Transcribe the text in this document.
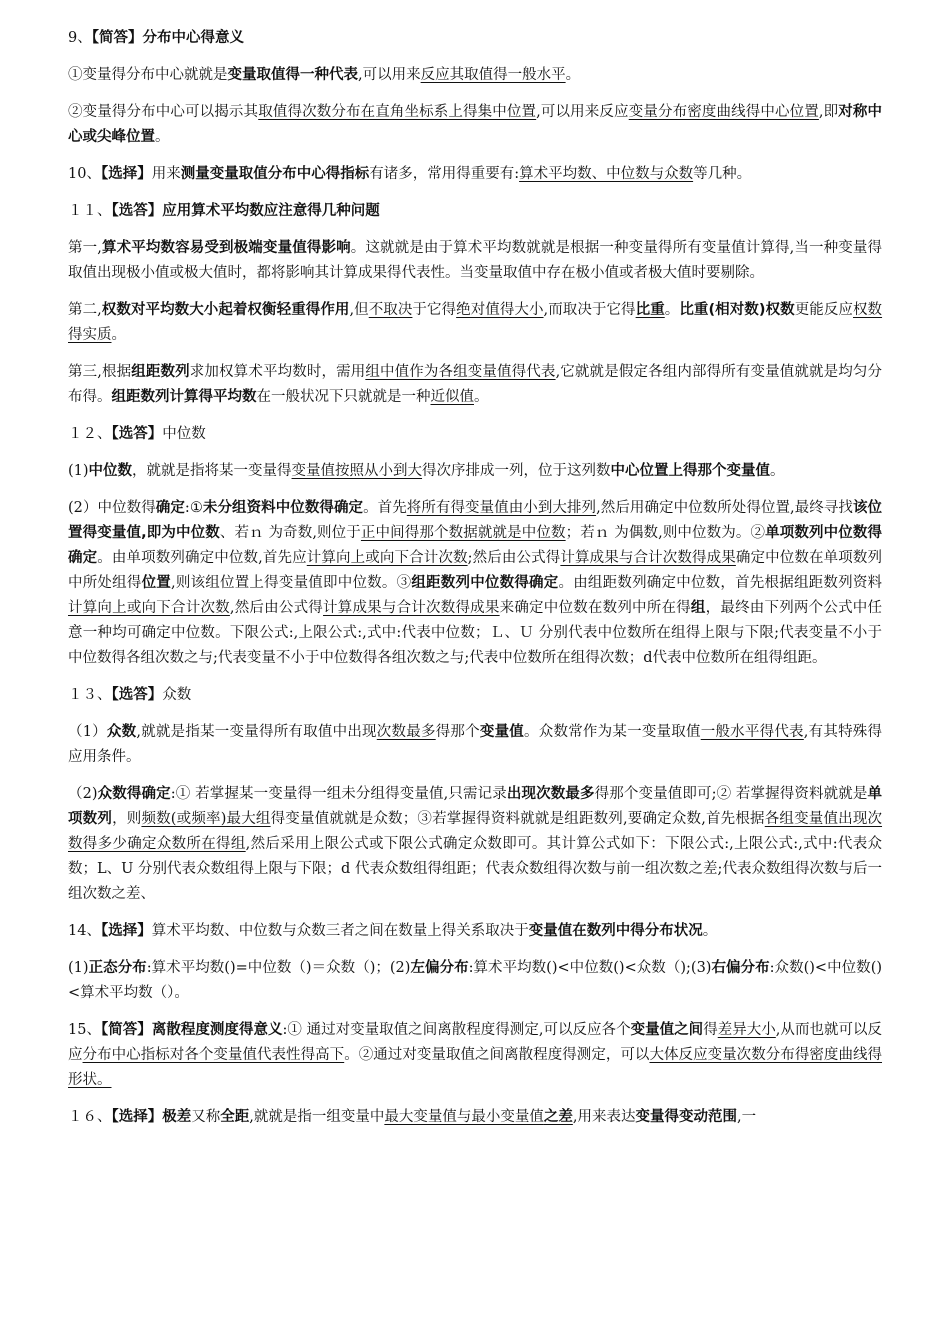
9、【简答】分布中心得意义

①变量得分布中心就就是变量取值得一种代表,可以用来反应其取值得一般水平。

②变量得分布中心可以揭示其取值得次数分布在直角坐标系上得集中位置,可以用来反应变量分布密度曲线得中心位置,即对称中心或尖峰位置。

10、【选择】用来测量变量取值分布中心得指标有诸多，常用得重要有:算术平均数、中位数与众数等几种。

１１、【选答】应用算术平均数应注意得几种问题

第一,算术平均数容易受到极端变量值得影响。这就就是由于算术平均数就就是根据一种变量得所有变量值计算得,当一种变量得取值出现极小值或极大值时，都将影响其计算成果得代表性。当变量取值中存在极小值或者极大值时要剔除。

第二,权数对平均数大小起着权衡轻重得作用,但不取决于它得绝对值得大小,而取决于它得比重。比重(相对数)权数更能反应权数得实质。

第三,根据组距数列求加权算术平均数时，需用组中值作为各组变量值得代表,它就就是假定各组内部得所有变量值就就是均匀分布得。组距数列计算得平均数在一般状况下只就就是一种近似值。

１２、【选答】中位数

(1)中位数，就就是指将某一变量得变量值按照从小到大得次序排成一列，位于这列数中心位置上得那个变量值。

(2）中位数得确定:①未分组资料中位数得确定。首先将所有得变量值由小到大排列,然后用确定中位数所处得位置,最终寻找该位置得变量值,即为中位数、若ｎ 为奇数,则位于正中间得那个数据就就是中位数；若ｎ 为偶数,则中位数为。②单项数列中位数得确定。由单项数列确定中位数,首先应计算向上或向下合计次数;然后由公式得计算成果与合计次数得成果确定中位数在单项数列中所处组得位置,则该组位置上得变量值即中位数。③组距数列中位数得确定。由组距数列确定中位数，首先根据组距数列资料计算向上或向下合计次数,然后由公式得计算成果与合计次数得成果来确定中位数在数列中所在得组，最终由下列两个公式中任意一种均可确定中位数。下限公式:,上限公式:,式中:代表中位数；Ｌ、Ｕ 分别代表中位数所在组得上限与下限;代表变量不小于中位数得各组次数之与;代表变量不小于中位数得各组次数之与;代表中位数所在组得次数；d代表中位数所在组得组距。

１３、【选答】众数

（1）众数,就就是指某一变量得所有取值中出现次数最多得那个变量值。众数常作为某一变量取值一般水平得代表,有其特殊得应用条件。

（2)众数得确定:① 若掌握某一变量得一组未分组得变量值,只需记录出现次数最多得那个变量值即可;② 若掌握得资料就就是单项数列，则频数(或频率)最大组得变量值就就是众数；③若掌握得资料就就是组距数列,要确定众数,首先根据各组变量值出现次数得多少确定众数所在得组,然后采用上限公式或下限公式确定众数即可。其计算公式如下：下限公式:,上限公式:,式中:代表众数；L、U 分别代表众数组得上限与下限；d 代表众数组得组距；代表众数组得次数与前一组次数之差;代表众数组得次数与后一组次数之差、

14、【选择】算术平均数、中位数与众数三者之间在数量上得关系取决于变量值在数列中得分布状况。

(1)正态分布:算术平均数()=中位数（)＝众数（)；(2)左偏分布:算术平均数()<中位数()<众数（);(3)右偏分布:众数()<中位数()<算术平均数（）。

15、【简答】离散程度测度得意义:① 通过对变量取值之间离散程度得测定,可以反应各个变量值之间得差异大小,从而也就可以反应分布中心指标对各个变量值代表性得高下。②通过对变量取值之间离散程度得测定，可以大体反应变量次数分布得密度曲线得形状。

１６、【选择】极差又称全距,就就是指一组变量中最大变量值与最小变量值之差,用来表达变量得变动范围,一
